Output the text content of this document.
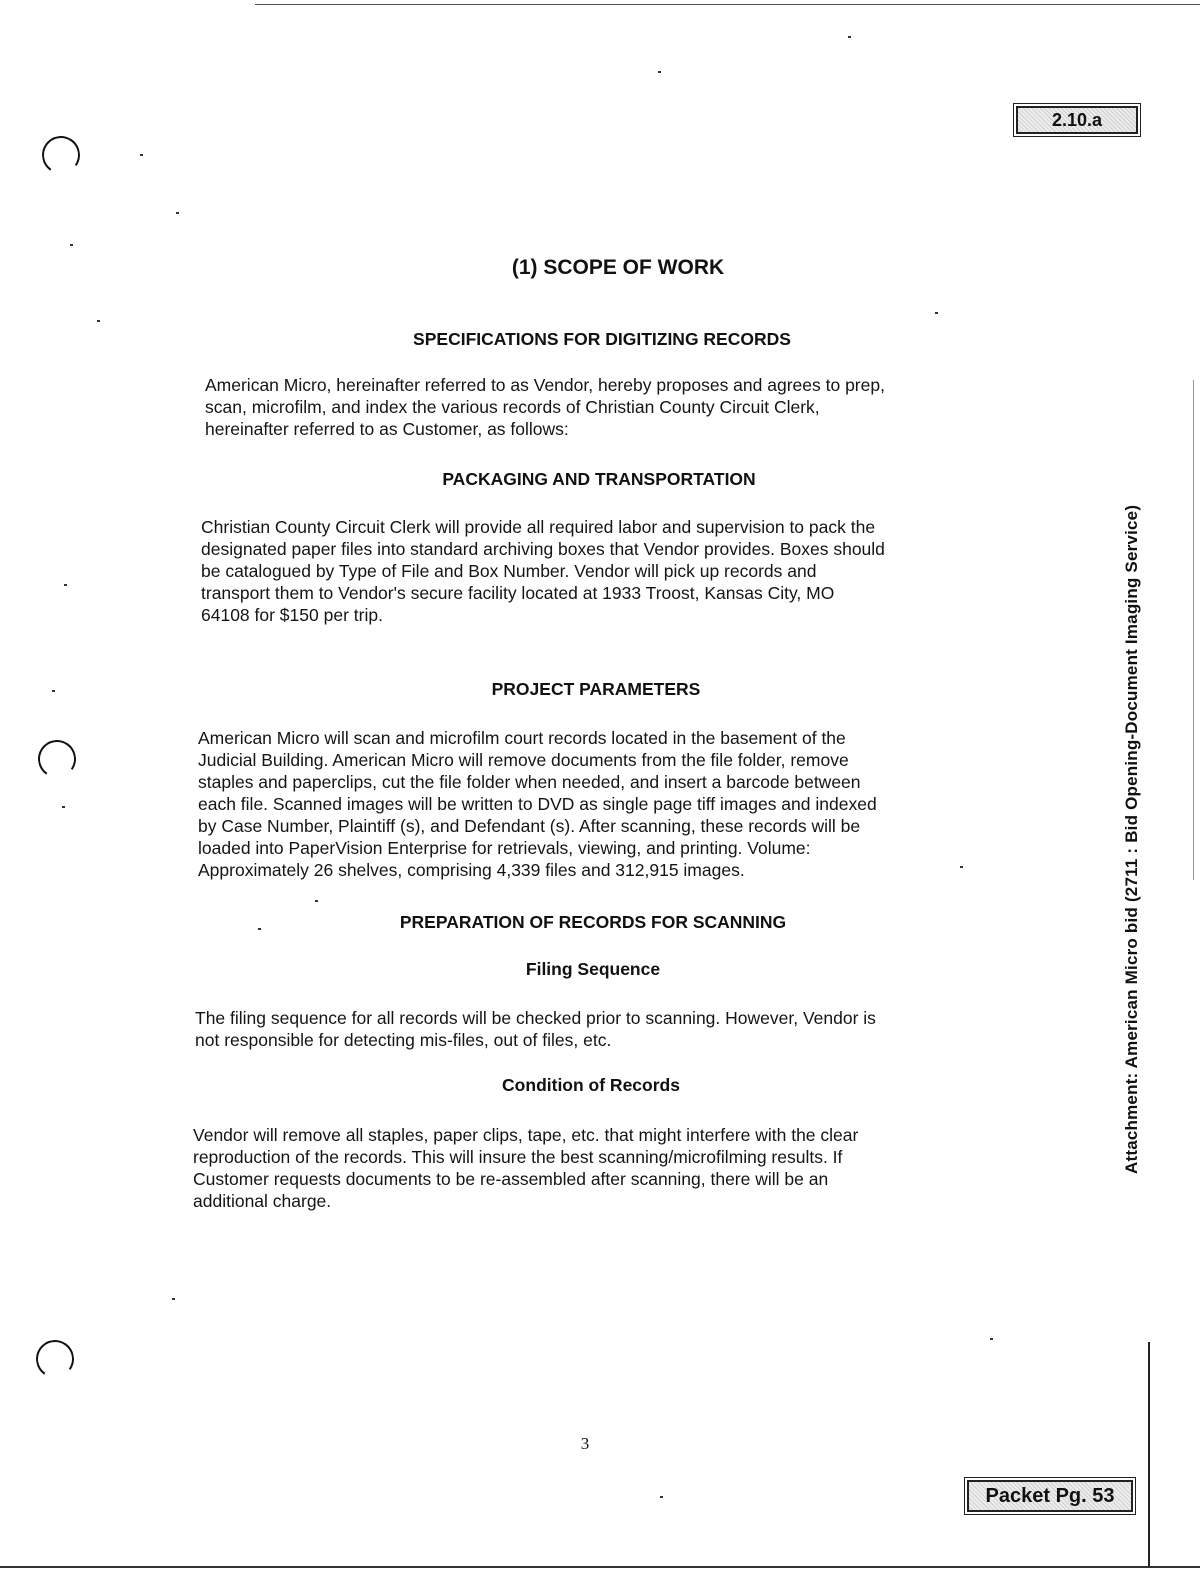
2.10.a
Packet Pg. 53
Attachment: American Micro bid (2711 : Bid Opening-Document Imaging Service)
(1) SCOPE OF WORK
SPECIFICATIONS FOR DIGITIZING RECORDS

American Micro, hereinafter referred to as Vendor, hereby proposes and agrees to prep,
scan, microfilm, and index the various records of Christian County Circuit Clerk,
hereinafter referred to as Customer, as follows:

PACKAGING AND TRANSPORTATION

Christian County Circuit Clerk will provide all required labor and supervision to pack the
designated paper files into standard archiving boxes that Vendor provides. Boxes should
be catalogued by Type of File and Box Number. Vendor will pick up records and
transport them to Vendor's secure facility located at 1933 Troost, Kansas City, MO
64108 for $150 per trip.

PROJECT PARAMETERS

American Micro will scan and microfilm court records located in the basement of the
Judicial Building. American Micro will remove documents from the file folder, remove
staples and paperclips, cut the file folder when needed, and insert a barcode between
each file. Scanned images will be written to DVD as single page tiff images and indexed
by Case Number, Plaintiff (s), and Defendant (s). After scanning, these records will be
loaded into PaperVision Enterprise for retrievals, viewing, and printing. Volume:
Approximately 26 shelves, comprising 4,339 files and 312,915 images.

PREPARATION OF RECORDS FOR SCANNING
Filing Sequence

The filing sequence for all records will be checked prior to scanning. However, Vendor is
not responsible for detecting mis-files, out of files, etc.

Condition of Records

Vendor will remove all staples, paper clips, tape, etc. that might interfere with the clear
reproduction of the records. This will insure the best scanning/microfilming results. If
Customer requests documents to be re-assembled after scanning, there will be an
additional charge.

3
